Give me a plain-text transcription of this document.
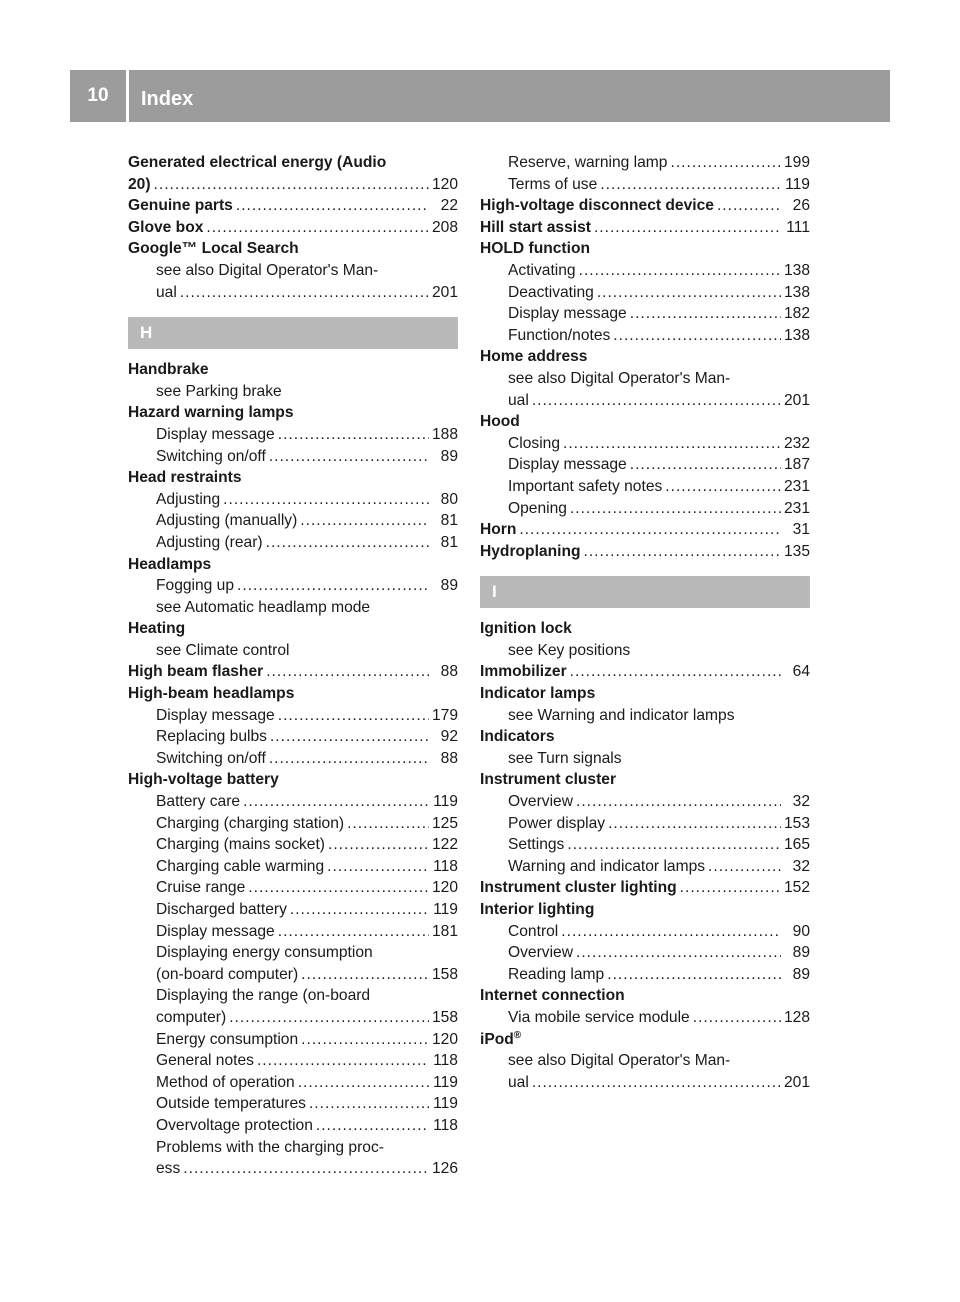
10	Index
Generated electrical energy (Audio
20) .....	120
Genuine parts .....	22
Glove box .....	208
Google™ Local Search
see also Digital Operator's Man-
ual .....	201
H
Handbrake
see Parking brake
Hazard warning lamps
Display message .....	188
Switching on/off .....	89
Head restraints
Adjusting .....	80
Adjusting (manually) .....	81
Adjusting (rear) .....	81
Headlamps
Fogging up .....	89
see Automatic headlamp mode
Heating
see Climate control
High beam flasher .....	88
High-beam headlamps
Display message .....	179
Replacing bulbs .....	92
Switching on/off .....	88
High-voltage battery
Battery care .....	119
Charging (charging station) .....	125
Charging (mains socket) .....	122
Charging cable warming .....	118
Cruise range .....	120
Discharged battery .....	119
Display message .....	181
Displaying energy consumption
(on-board computer) .....	158
Displaying the range (on-board
computer) .....	158
Energy consumption .....	120
General notes .....	118
Method of operation .....	119
Outside temperatures .....	119
Overvoltage protection .....	118
Problems with the charging proc-
ess .....	126
Reserve, warning lamp .....	199
Terms of use .....	119
High-voltage disconnect device .....	26
Hill start assist .....	111
HOLD function
Activating .....	138
Deactivating .....	138
Display message .....	182
Function/notes .....	138
Home address
see also Digital Operator's Man-
ual .....	201
Hood
Closing .....	232
Display message .....	187
Important safety notes .....	231
Opening .....	231
Horn .....	31
Hydroplaning .....	135
I
Ignition lock
see Key positions
Immobilizer .....	64
Indicator lamps
see Warning and indicator lamps
Indicators
see Turn signals
Instrument cluster
Overview .....	32
Power display .....	153
Settings .....	165
Warning and indicator lamps .....	32
Instrument cluster lighting .....	152
Interior lighting
Control .....	90
Overview .....	89
Reading lamp .....	89
Internet connection
Via mobile service module .....	128
iPod®
see also Digital Operator's Man-
ual .....	201
